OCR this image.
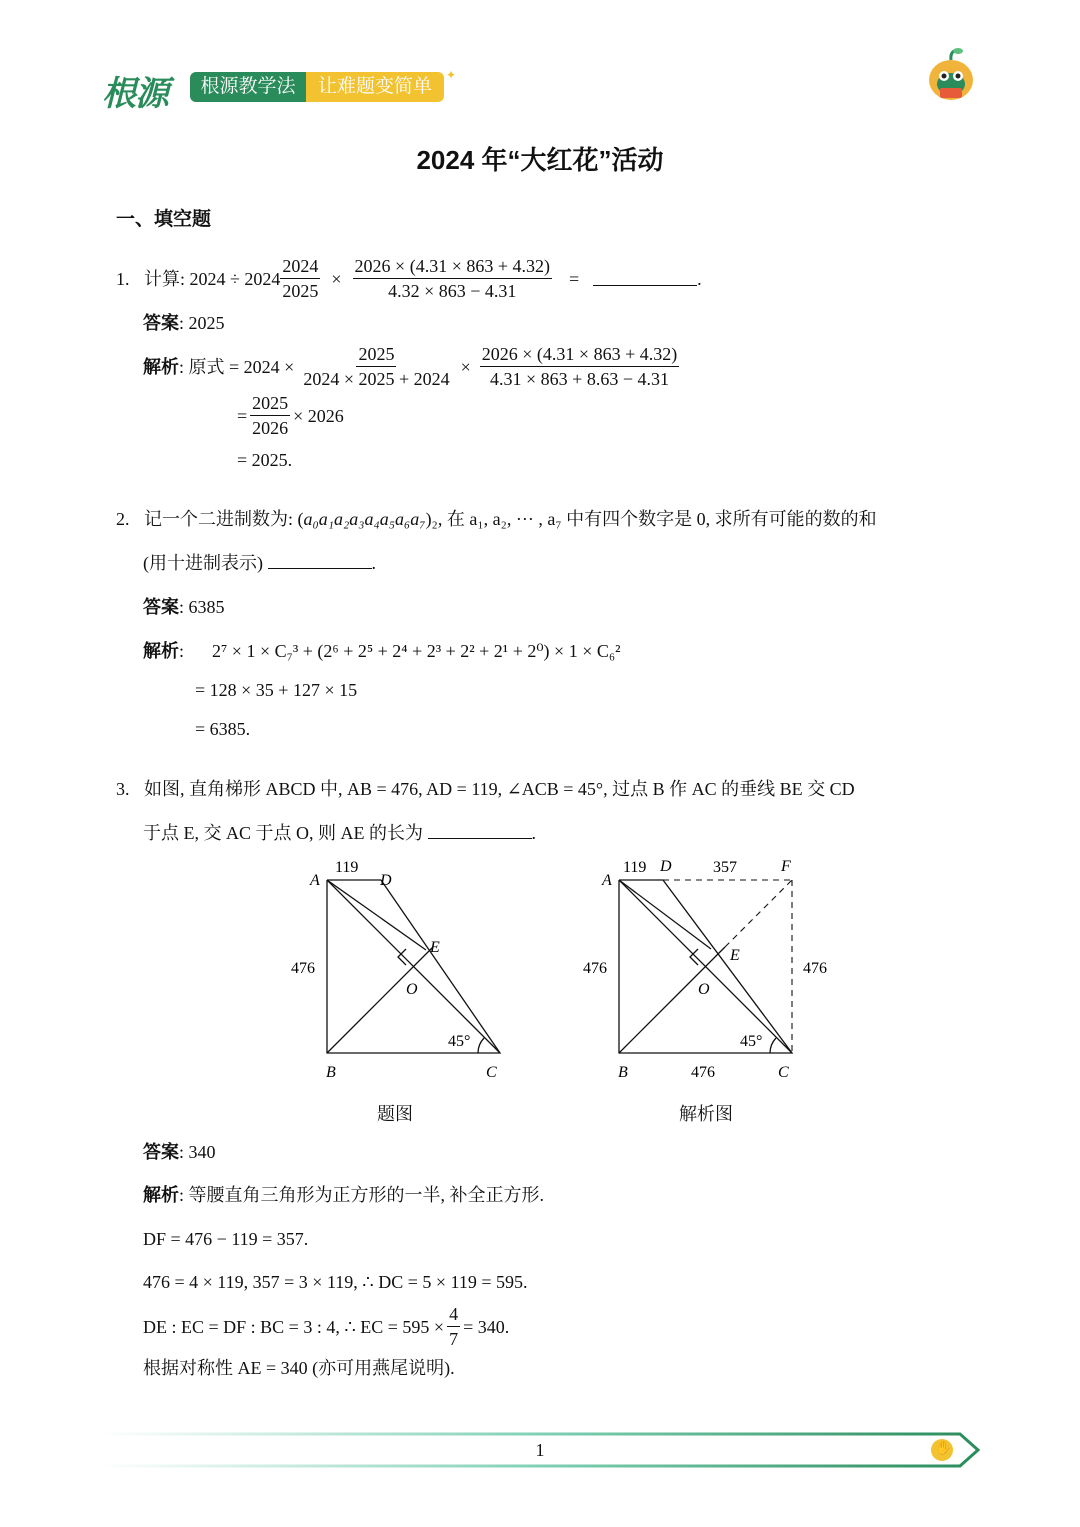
根源	根源教学法	让难题变简单
✦
2024 年“大红花”活动
一、填空题
1. 计算: $2024 \div 2024 \frac{2024}{2025} \times \frac{2026 \times (4.31 \times 863 + 4.32)}{4.32 \times 863 - 4.31}$ =	.
答案: 2025
解析 : 原式 = $2024 \times \frac{2025}{2024 \times 2025 + 2024} \times \frac{2026 \times (4.31 \times 863 + 4.32)}{4.31 \times 863 + 8.63 - 4.31}$
= $\frac{2025}{2026} \times 2026$
= 2025.
2. 记一个二进制数为: (a₀a₁a₂a₃a₄a₅a₆a₇)₂, 在 a₁, a₂, ··· , a₇ 中有四个数字是 0, 求所有可能的数的和
(用十进制表示)	.
答案: 6385
解析: 2⁷ × 1 × C₇³ + (2⁶ + 2⁵ + 2⁴ + 2³ + 2² + 2¹ + 2⁰) × 1 × C₆²
= 128 × 35 + 127 × 15
= 6385.
3. 如图, 直角梯形 ABCD 中, AB = 476, AD = 119, ∠ACB = 45°, 过点 B 作 AC 的垂线 BE 交 CD
于点 E, 交 AC 于点 O, 则 AE 的长为	.
119
476
45°
A	D
E
O
B	C
题图
119	357
476	476
476
45°
A
D	F
E
O
B	C
解析图
答案: 340
解析: 等腰直角三角形为正方形的一半, 补全正方形.
DF = 476 − 119 = 357.
476 = 4 × 119, 357 = 3 × 119, ∴ DC = 5 × 119 = 595.
DE : EC = DF : BC = 3 : 4, ∴ EC = $595 \times \frac{4}{7} = 340$.
根据对称性 AE = 340 (亦可用燕尾说明).
✋
1
